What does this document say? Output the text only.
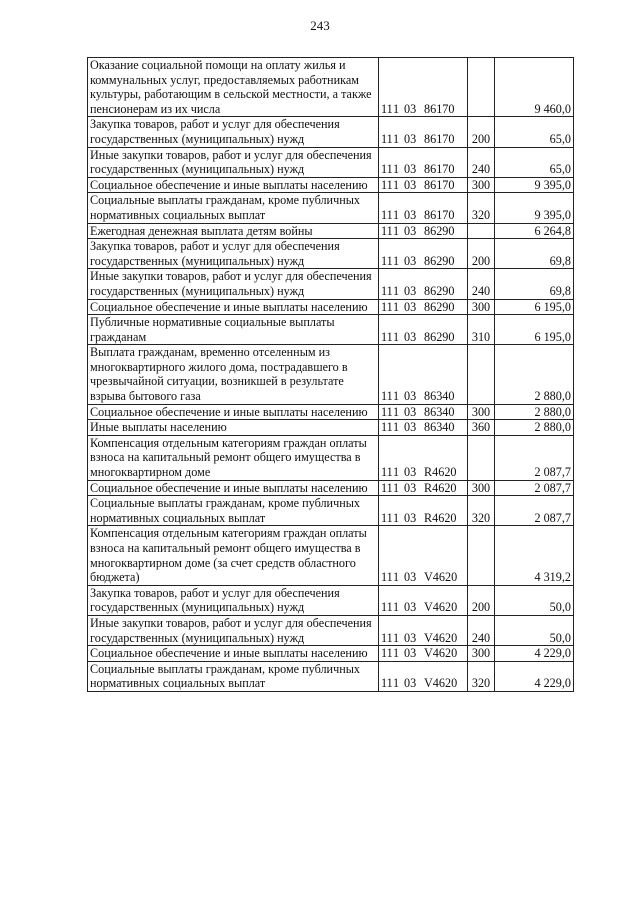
243
Оказание социальной помощи на оплату жилья и коммунальных услуг, предоставляемых работникам культуры, работающим в сельской местности, а также пенсионерам из их числа	111 03 86170		9 460,0
Закупка товаров, работ и услуг для обеспечения государственных (муниципальных) нужд	111 03 86170	200	65,0
Иные закупки товаров, работ и услуг для обеспечения государственных (муниципальных) нужд	111 03 86170	240	65,0
Социальное обеспечение и иные выплаты населению	111 03 86170	300	9 395,0
Социальные выплаты гражданам, кроме публичных нормативных социальных выплат	111 03 86170	320	9 395,0
Ежегодная денежная выплата детям войны	111 03 86290		6 264,8
Закупка товаров, работ и услуг для обеспечения государственных (муниципальных) нужд	111 03 86290	200	69,8
Иные закупки товаров, работ и услуг для обеспечения государственных (муниципальных) нужд	111 03 86290	240	69,8
Социальное обеспечение и иные выплаты населению	111 03 86290	300	6 195,0
Публичные нормативные социальные выплаты гражданам	111 03 86290	310	6 195,0
Выплата гражданам, временно отселенным из многоквартирного жилого дома, пострадавшего в чрезвычайной ситуации, возникшей в результате взрыва бытового газа	111 03 86340		2 880,0
Социальное обеспечение и иные выплаты населению	111 03 86340	300	2 880,0
Иные выплаты населению	111 03 86340	360	2 880,0
Компенсация отдельным категориям граждан оплаты взноса на капитальный ремонт общего имущества в многоквартирном доме	111 03 R4620		2 087,7
Социальное обеспечение и иные выплаты населению	111 03 R4620	300	2 087,7
Социальные выплаты гражданам, кроме публичных нормативных социальных выплат	111 03 R4620	320	2 087,7
Компенсация отдельным категориям граждан оплаты взноса на капитальный ремонт общего имущества в многоквартирном доме (за счет средств областного бюджета)	111 03 V4620		4 319,2
Закупка товаров, работ и услуг для обеспечения государственных (муниципальных) нужд	111 03 V4620	200	50,0
Иные закупки товаров, работ и услуг для обеспечения государственных (муниципальных) нужд	111 03 V4620	240	50,0
Социальное обеспечение и иные выплаты населению	111 03 V4620	300	4 229,0
Социальные выплаты гражданам, кроме публичных нормативных социальных выплат	111 03 V4620	320	4 229,0
